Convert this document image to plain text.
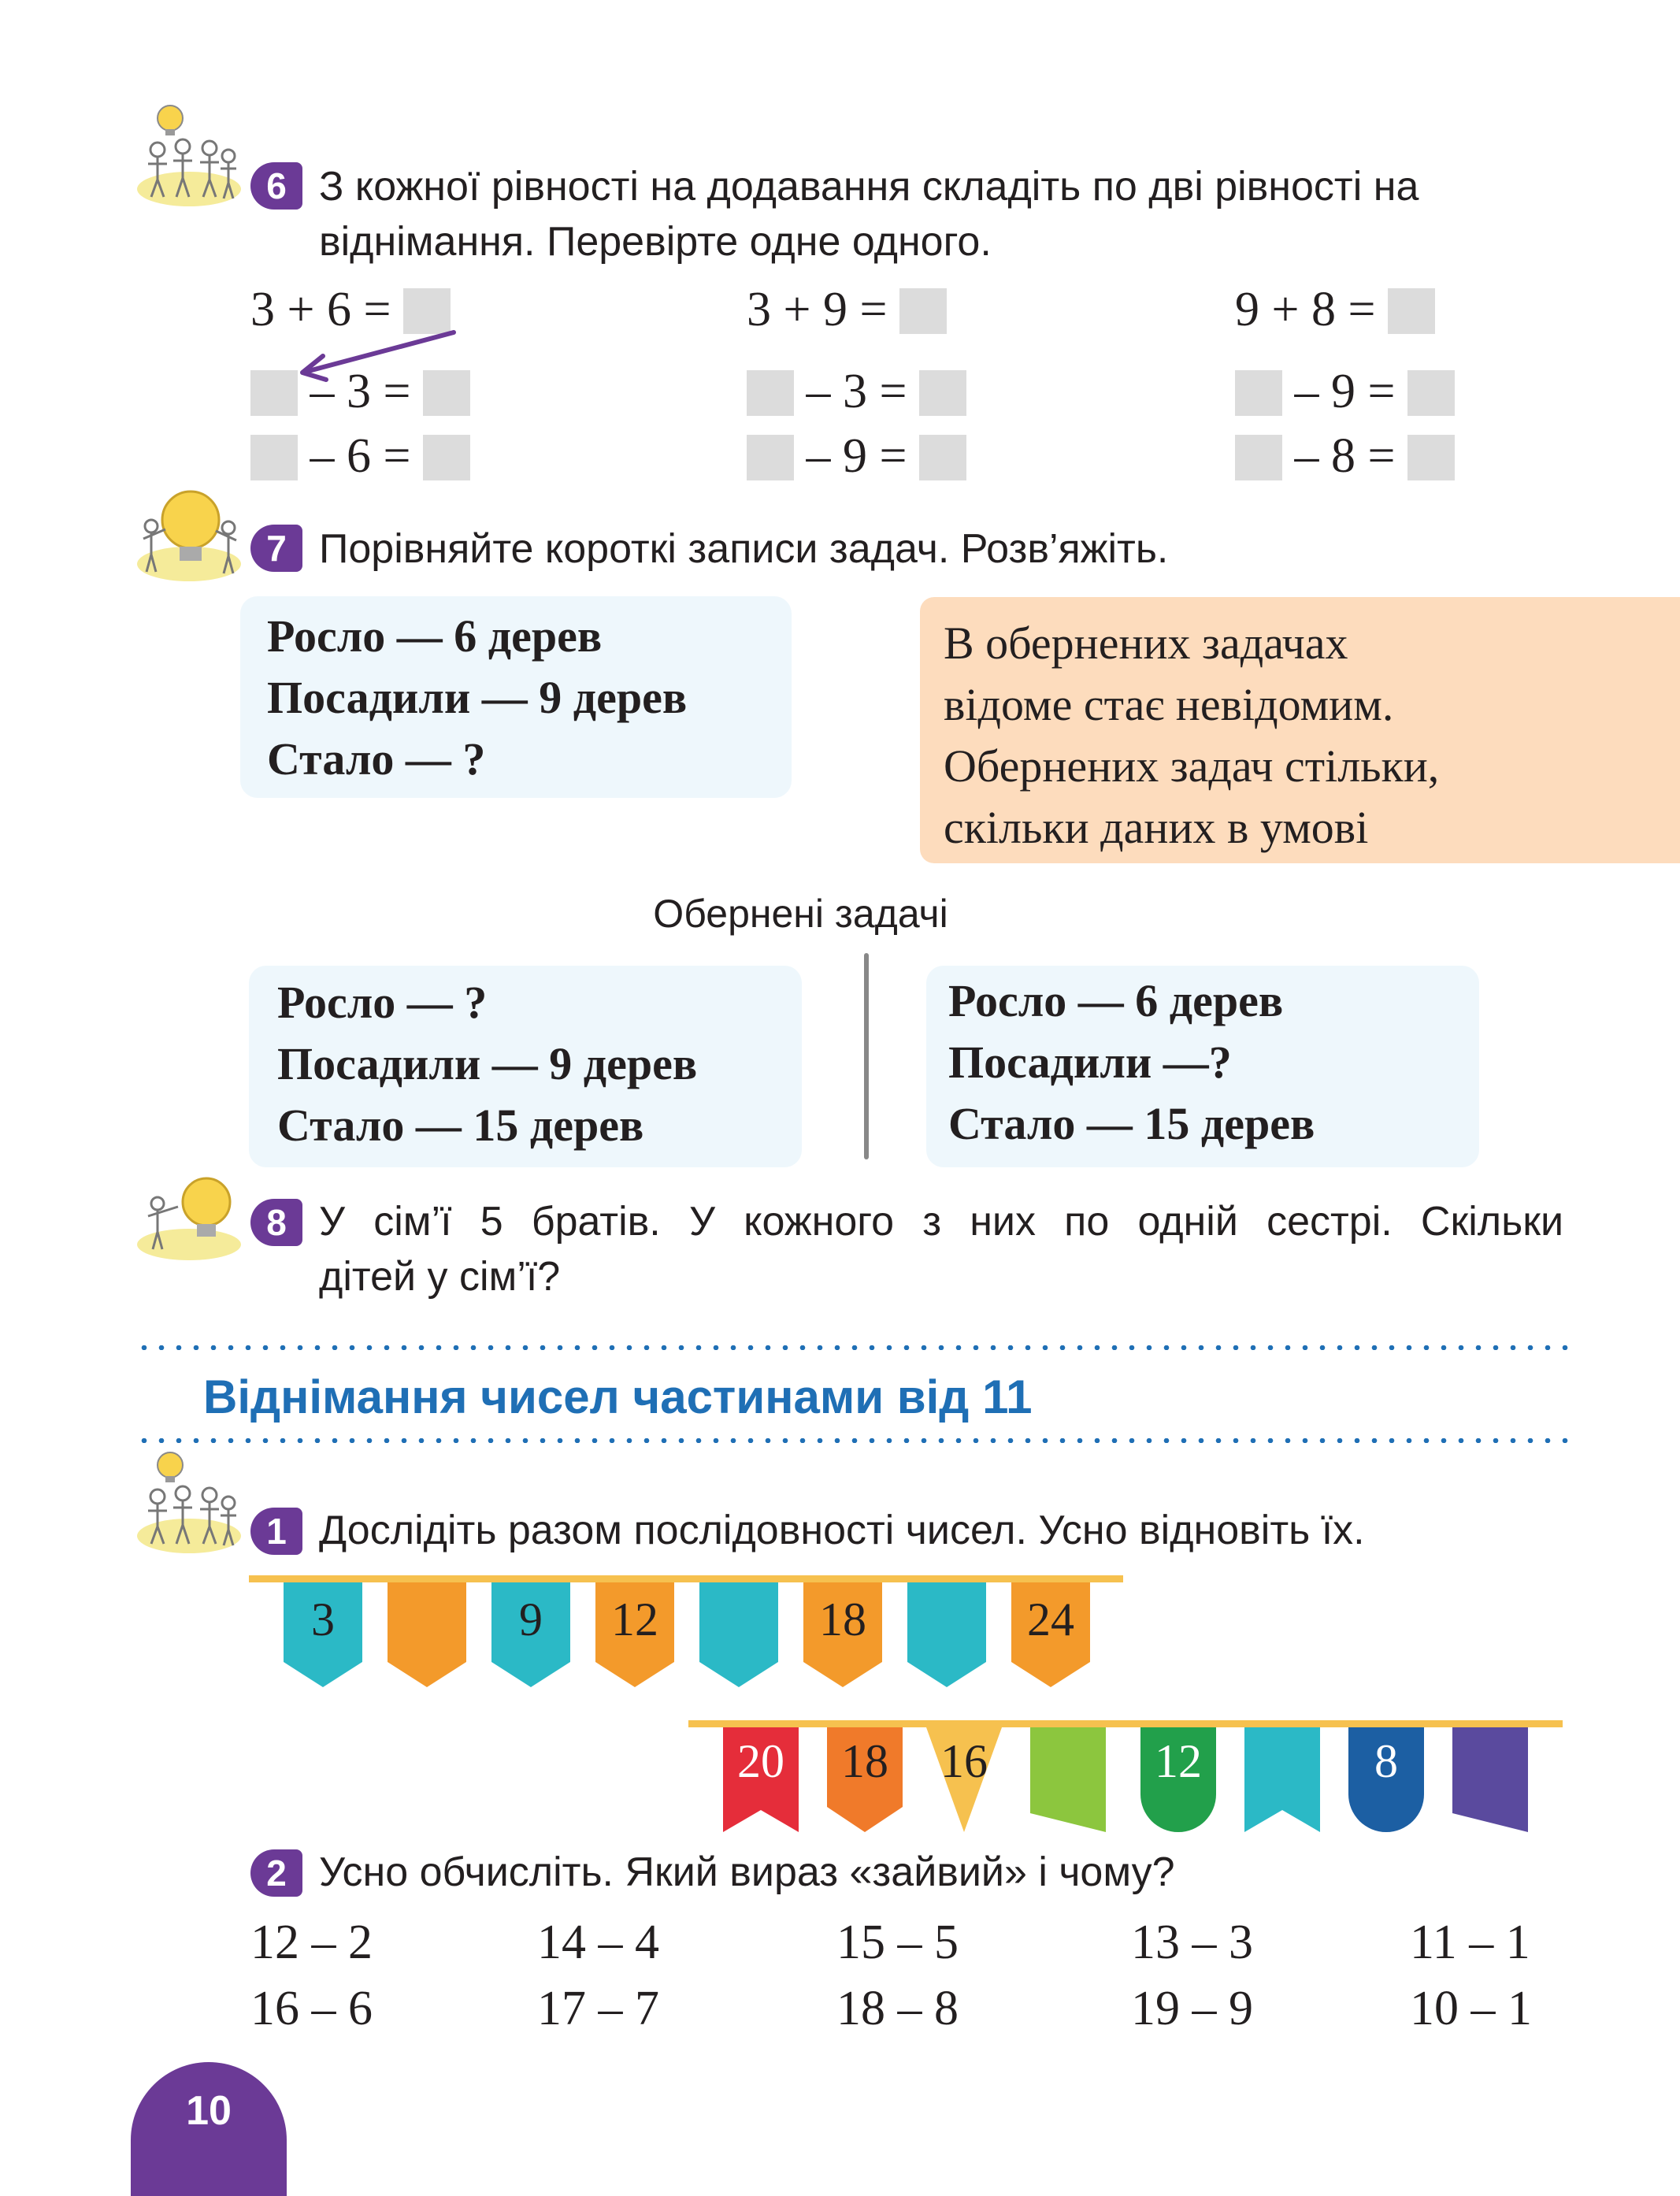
6 З кожної рівності на додавання складіть по дві рівності на віднімання. Перевірте одне одного.
3 + 6 =
– 3 =
– 6 =
3 + 9 =
– 3 =
– 9 =
9 + 8 =
– 9 =
– 8 =
7 Порівняйте короткі записи задач. Розв’яжіть.
Росло — 6 дерев
Посадили — 9 дерев
Стало — ?
В обернених задачах
відоме стає невідомим.
Обернених задач стільки,
скільки даних в умові
Обернені задачі
Росло — ?
Посадили — 9 дерев
Стало — 15 дерев
Росло — 6 дерев
Посадили —?
Стало — 15 дерев
8 У сім’ї 5 братів. У кожного з них по одній сестрі. Скільки
дітей у сім’ї?
Віднімання чисел частинами від 11
1 Дослідіть разом послідовності чисел. Усно відновіть їх.
3	9 12	18	24
20 18 16	12	8
2 Усно обчисліть. Який вираз «зайвий» і чому?
12 – 2	14 – 4	15 – 5	13 – 3	11 – 1
16 – 6	17 – 7	18 – 8	19 – 9	10 – 1
10
